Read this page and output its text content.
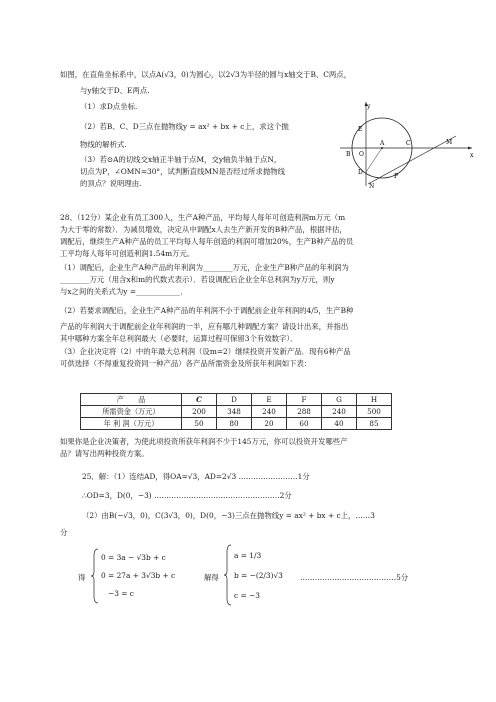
如图，在直角坐标系中，以点A(√3，0)为圆心，以2√3为半径的圆与x轴交于B、C两点，
与y轴交于D、E两点.
（1）求D点坐标.
（2）若B、C、D三点在抛物线y = ax² + bx + c上，求这个抛
物线的解析式.
（3）若⊙A的切线交x轴正半轴于点M，交y轴负半轴于点N，
切点为P，∠OMN=30°，试判断直线MN是否经过所求抛物线
的顶点？说明理由.
y
x
E
B O
A	C	M
D
P
N
28、（12分）某企业有员工300人，生产A种产品，平均每人每年可创造利润m万元（m
为大于零的常数）．为减员增效，决定从中调配x人去生产新开发的B种产品，根据评估，
调配后，继续生产A种产品的员工平均每人每年创造的利润可增加20%，生产B种产品的员
工平均每人每年可创造利润1.54m万元。
（1）调配后，企业生产A种产品的年利润为________万元，企业生产B种产品的年利润为
________万元（用含x和m的代数式表示）．若设调配后企业全年总利润为y万元，则y
与x之间的关系式为y =____________．
（2）若要求调配后，企业生产A种产品的年利润不小于调配前企业年利润的4/5，生产B种
产品的年利润大于调配前企业年利润的一半，应有哪几种调配方案？请设计出来，并指出
其中哪种方案全年总利润最大（必要时，运算过程可保留3个有效数字）．
（3）企业决定将（2）中的年最大总利润（设m=2）继续投资开发新产品．现有6种产品
可供选择（不得重复投资同一种产品）各产品所需资金及所获年利润如下表：
产　　品	C	D	E	F	G	H
所需资金（万元）	200	348	240	288	240	500
年 利 润（万元）	50	80	20	60	40	85
如果你是企业决策者，为使此项投资所获年利润不少于145万元，你可以投资开发哪些产
品？请写出两种投资方案。
25．解：（1）连结AD，得OA=√3，AD=2√3 ……………………1分
∴OD=3，D(0，−3) ……………………………………………2分
（2）由B(−√3，0)，C(3√3，0)，D(0，−3)三点在抛物线y = ax² + bx + c上，……3
分
得
0 = 3a − √3b + c
0 = 27a + 3√3b + c
−3 = c
解得
a = 1/3
b = −(2/3)√3
c = −3
…………………………………5分
